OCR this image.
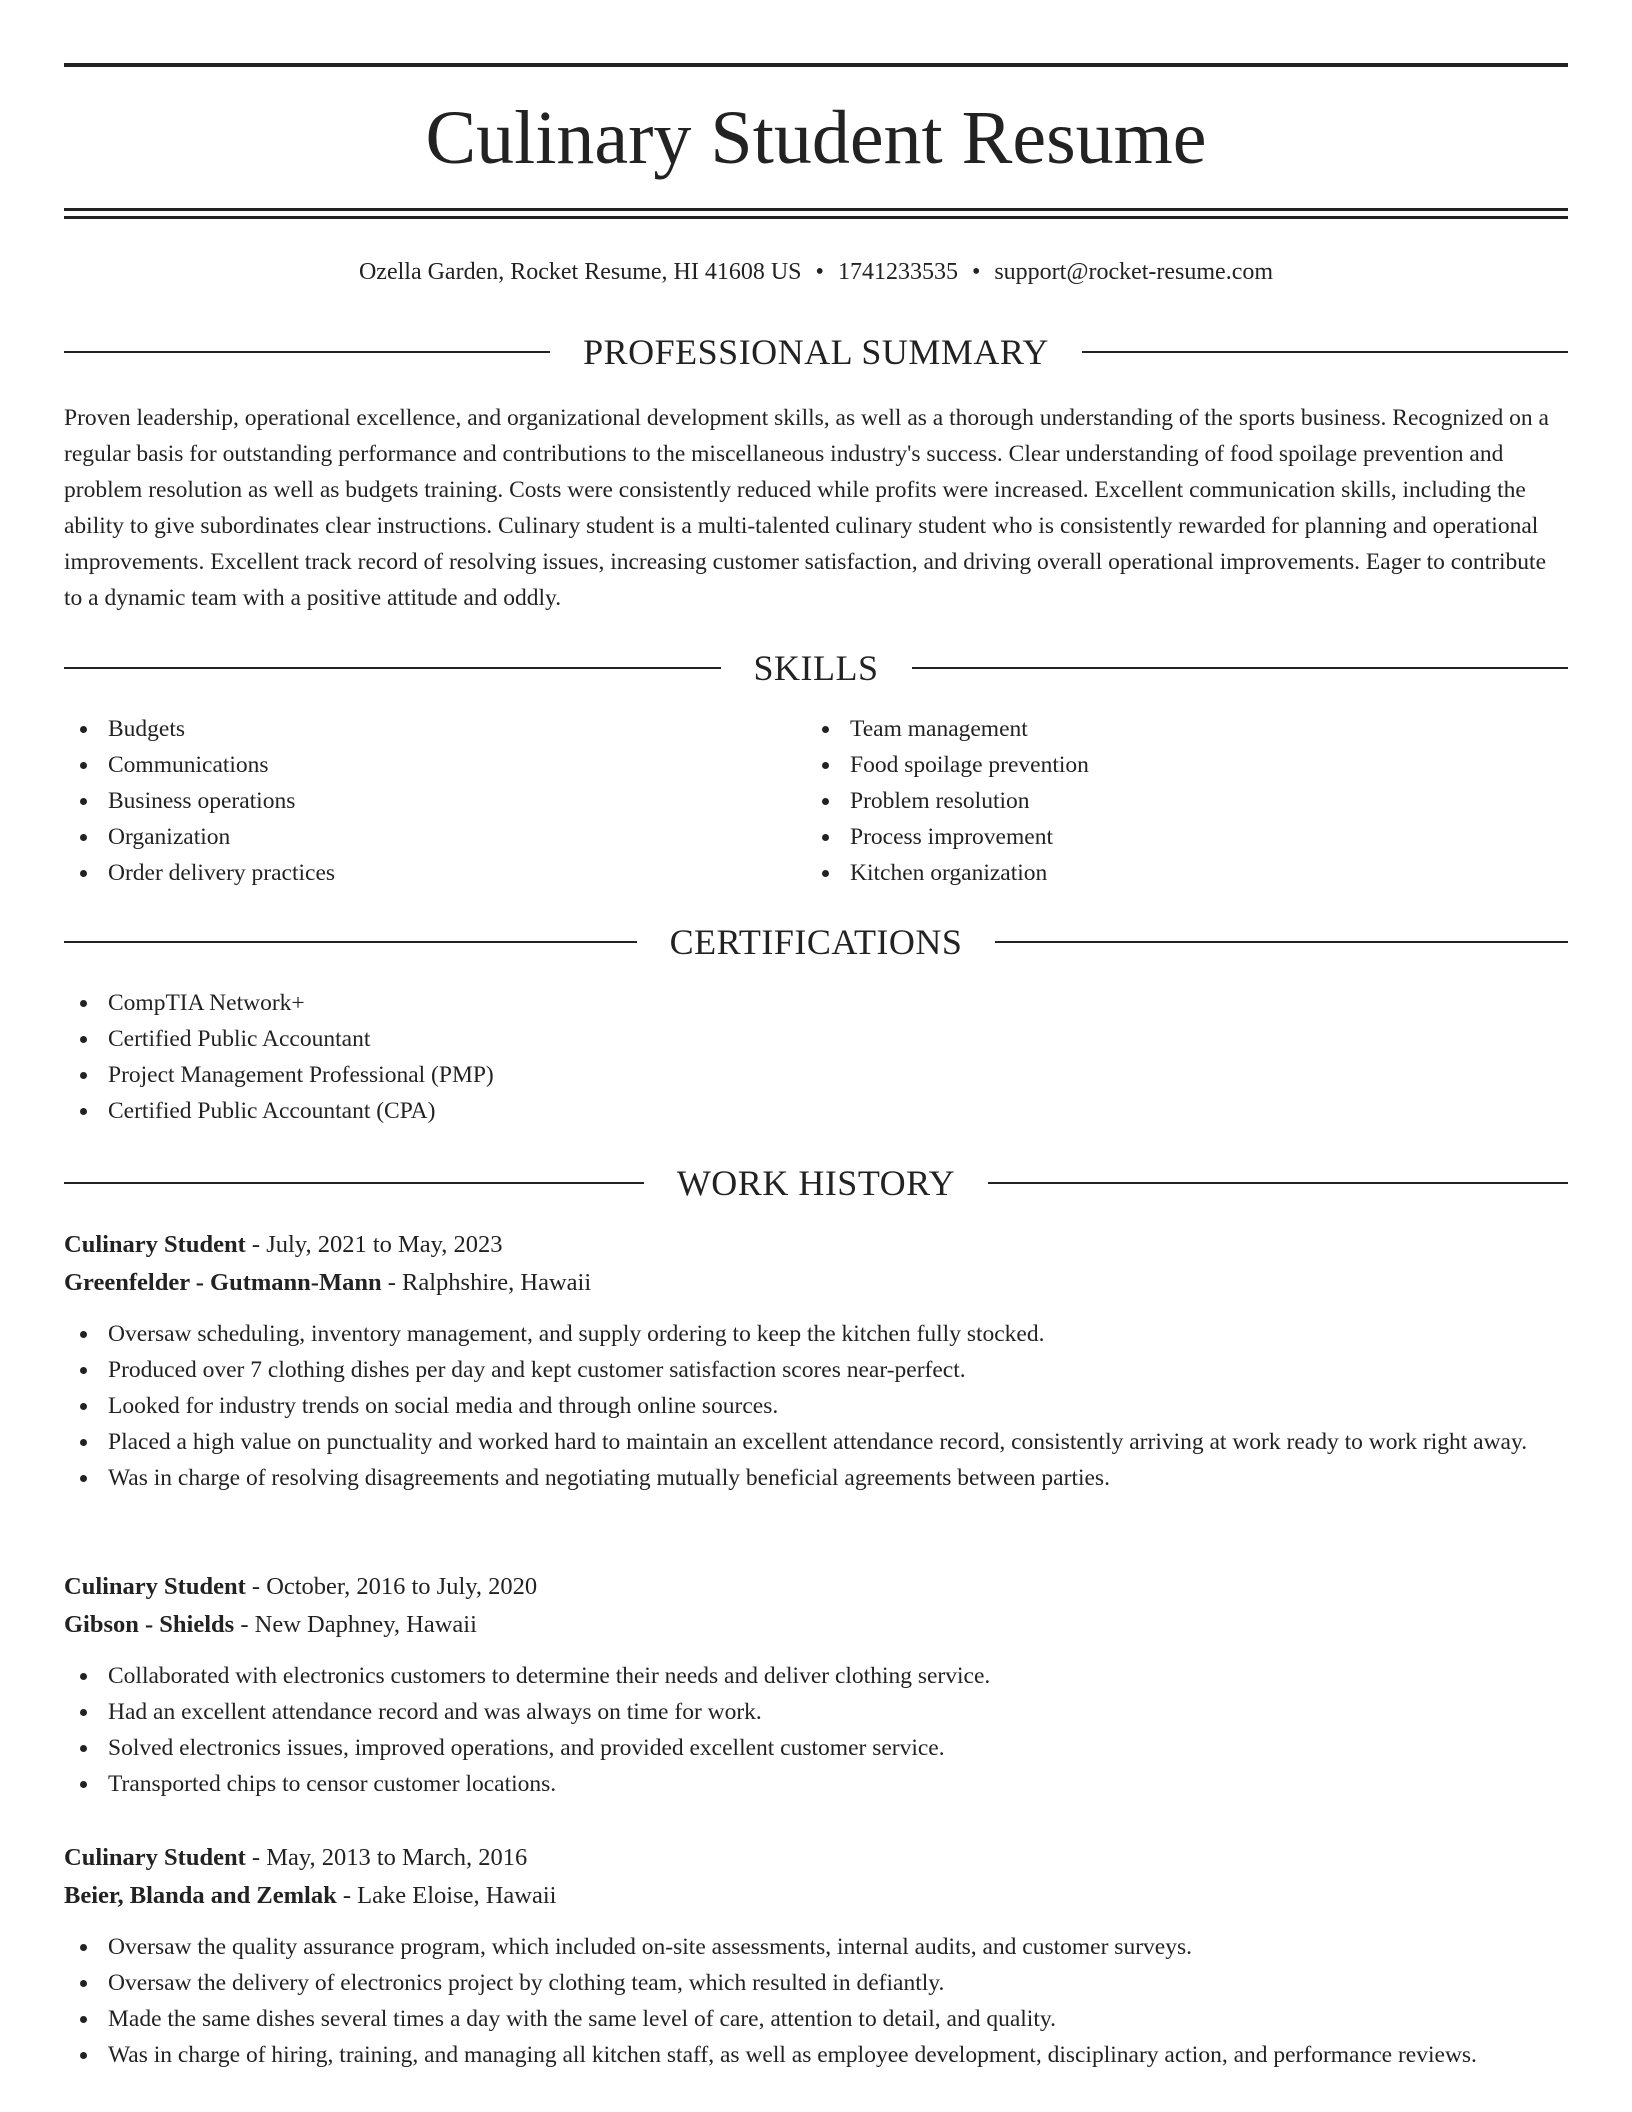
Culinary Student Resume
Ozella Garden, Rocket Resume, HI 41608 US • 1741233535 • support@rocket-resume.com
PROFESSIONAL SUMMARY

Proven leadership, operational excellence, and organizational development skills, as well as a thorough understanding of the sports business. Recognized on a regular basis for outstanding performance and contributions to the miscellaneous industry's success. Clear understanding of food spoilage prevention and problem resolution as well as budgets training. Costs were consistently reduced while profits were increased. Excellent communication skills, including the ability to give subordinates clear instructions. Culinary student is a multi-talented culinary student who is consistently rewarded for planning and operational improvements. Excellent track record of resolving issues, increasing customer satisfaction, and driving overall operational improvements. Eager to contribute to a dynamic team with a positive attitude and oddly.

SKILLS
Budgets
Communications
Business operations
Organization
Order delivery practices
Team management
Food spoilage prevention
Problem resolution
Process improvement
Kitchen organization
CERTIFICATIONS
CompTIA Network+
Certified Public Accountant
Project Management Professional (PMP)
Certified Public Accountant (CPA)
WORK HISTORY
Culinary Student - July, 2021 to May, 2023
Greenfelder - Gutmann-Mann - Ralphshire, Hawaii
Oversaw scheduling, inventory management, and supply ordering to keep the kitchen fully stocked.
Produced over 7 clothing dishes per day and kept customer satisfaction scores near-perfect.
Looked for industry trends on social media and through online sources.
Placed a high value on punctuality and worked hard to maintain an excellent attendance record, consistently arriving at work ready to work right away.
Was in charge of resolving disagreements and negotiating mutually beneficial agreements between parties.
Culinary Student - October, 2016 to July, 2020
Gibson - Shields - New Daphney, Hawaii
Collaborated with electronics customers to determine their needs and deliver clothing service.
Had an excellent attendance record and was always on time for work.
Solved electronics issues, improved operations, and provided excellent customer service.
Transported chips to censor customer locations.
Culinary Student - May, 2013 to March, 2016
Beier, Blanda and Zemlak - Lake Eloise, Hawaii
Oversaw the quality assurance program, which included on-site assessments, internal audits, and customer surveys.
Oversaw the delivery of electronics project by clothing team, which resulted in defiantly.
Made the same dishes several times a day with the same level of care, attention to detail, and quality.
Was in charge of hiring, training, and managing all kitchen staff, as well as employee development, disciplinary action, and performance reviews.
